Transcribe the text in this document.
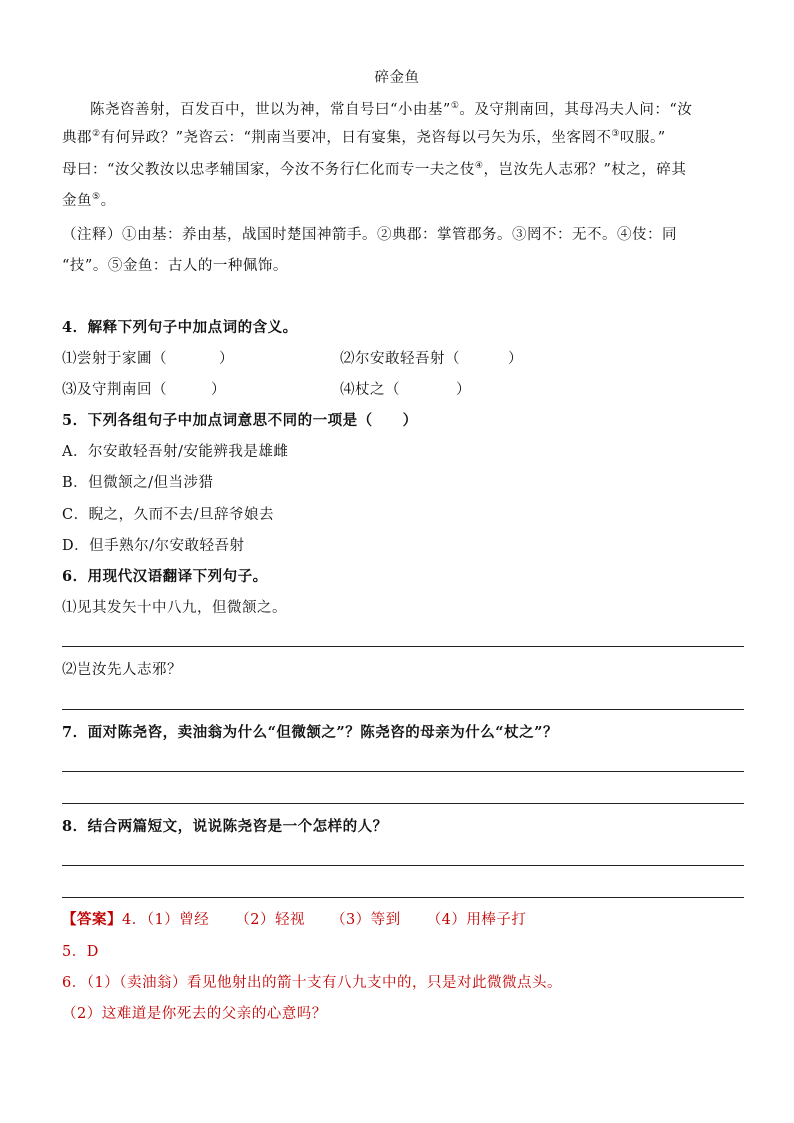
碎金鱼
陈尧咨善射，百发百中，世以为神，常自号曰“小由基”①。及守荆南回，其母冯夫人问：“汝
典郡②有何异政？”尧咨云：“荆南当要冲，日有宴集，尧咨每以弓矢为乐，坐客罔不③叹服。”
母曰：“汝父教汝以忠孝辅国家，今汝不务行仁化而专一夫之伎④，岂汝先人志邪？”杖之，碎其
金鱼⑤。
（注释）①由基：养由基，战国时楚国神箭手。②典郡：掌管郡务。③罔不：无不。④伎：同
“技”。⑤金鱼：古人的一种佩饰。
4．解释下列句子中加点词的含义。
⑴尝射于家圃（	）	⑵尔安敢轻吾射（	）
⑶及守荆南回（	）	⑷杖之（	）
5．下列各组句子中加点词意思不同的一项是（　　）
A．尔安敢轻吾射/安能辨我是雄雌
B．但微颔之/但当涉猎
C．睨之，久而不去/旦辞爷娘去
D．但手熟尔/尔安敢轻吾射
6．用现代汉语翻译下列句子。
⑴见其发矢十中八九，但微颔之。
⑵岂汝先人志邪？
7．面对陈尧咨，卖油翁为什么“但微颔之”？陈尧咨的母亲为什么“杖之”？
8．结合两篇短文，说说陈尧咨是一个怎样的人？
【答案】4．（1）曾经 （2）轻视 （3）等到 （4）用棒子打
5．D
6．（1）（卖油翁）看见他射出的箭十支有八九支中的，只是对此微微点头。
（2）这难道是你死去的父亲的心意吗？
